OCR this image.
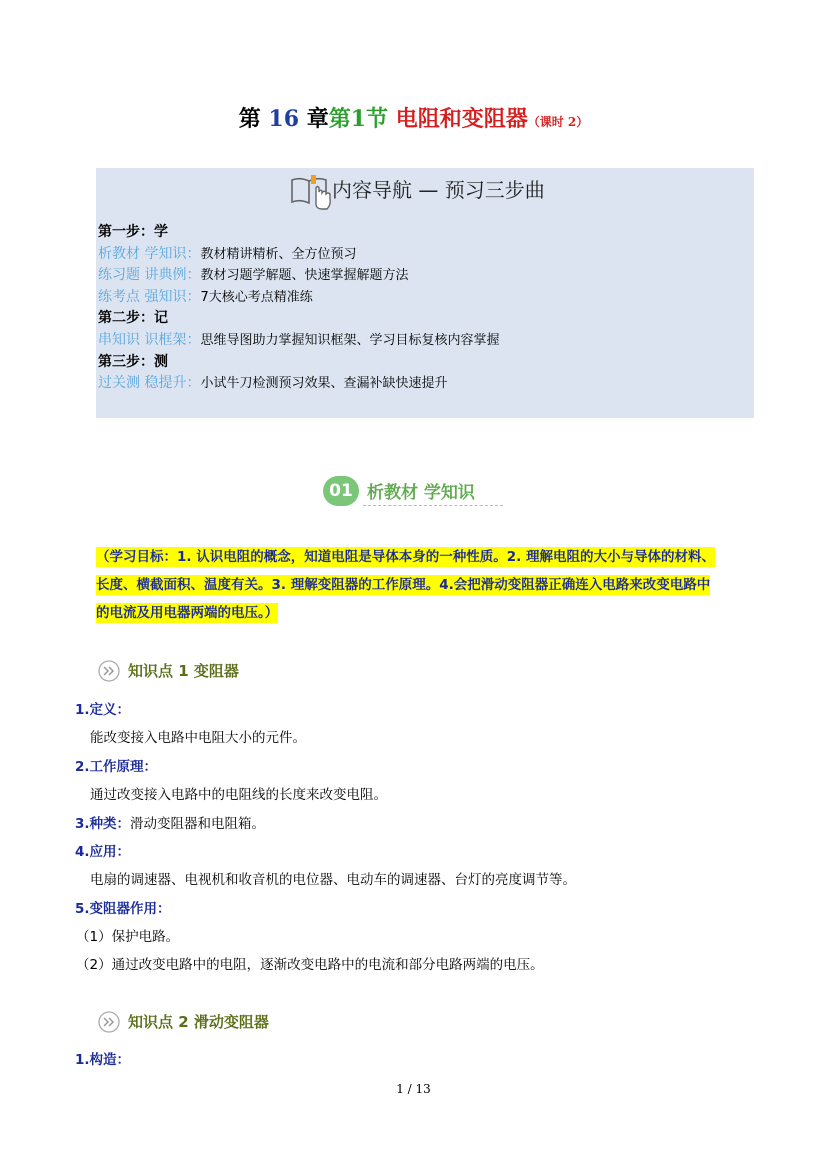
第 16 章第1节 电阻和变阻器（课时 2）
内容导航 — 预习三步曲
第一步：学
析教材 学知识：教材精讲精析、全方位预习
练习题 讲典例：教材习题学解题、快速掌握解题方法
练考点 强知识：7大核心考点精准练
第二步：记
串知识 识框架：思维导图助力掌握知识框架、学习目标复核内容掌握
第三步：测
过关测 稳提升：小试牛刀检测预习效果、查漏补缺快速提升
01 析教材 学知识
（学习目标：1. 认识电阻的概念，知道电阻是导体本身的一种性质。2. 理解电阻的大小与导体的材料、
长度、横截面积、温度有关。3. 理解变阻器的工作原理。4.会把滑动变阻器正确连入电路来改变电路中
的电流及用电器两端的电压。）
知识点 1 变阻器
1.定义：
能改变接入电路中电阻大小的元件。
2.工作原理：
通过改变接入电路中的电阻线的长度来改变电阻。
3.种类：滑动变阻器和电阻箱。
4.应用：
电扇的调速器、电视机和收音机的电位器、电动车的调速器、台灯的亮度调节等。
5.变阻器作用：
（1）保护电路。
（2）通过改变电路中的电阻，逐渐改变电路中的电流和部分电路两端的电压。
知识点 2 滑动变阻器
1.构造：
1 / 13
